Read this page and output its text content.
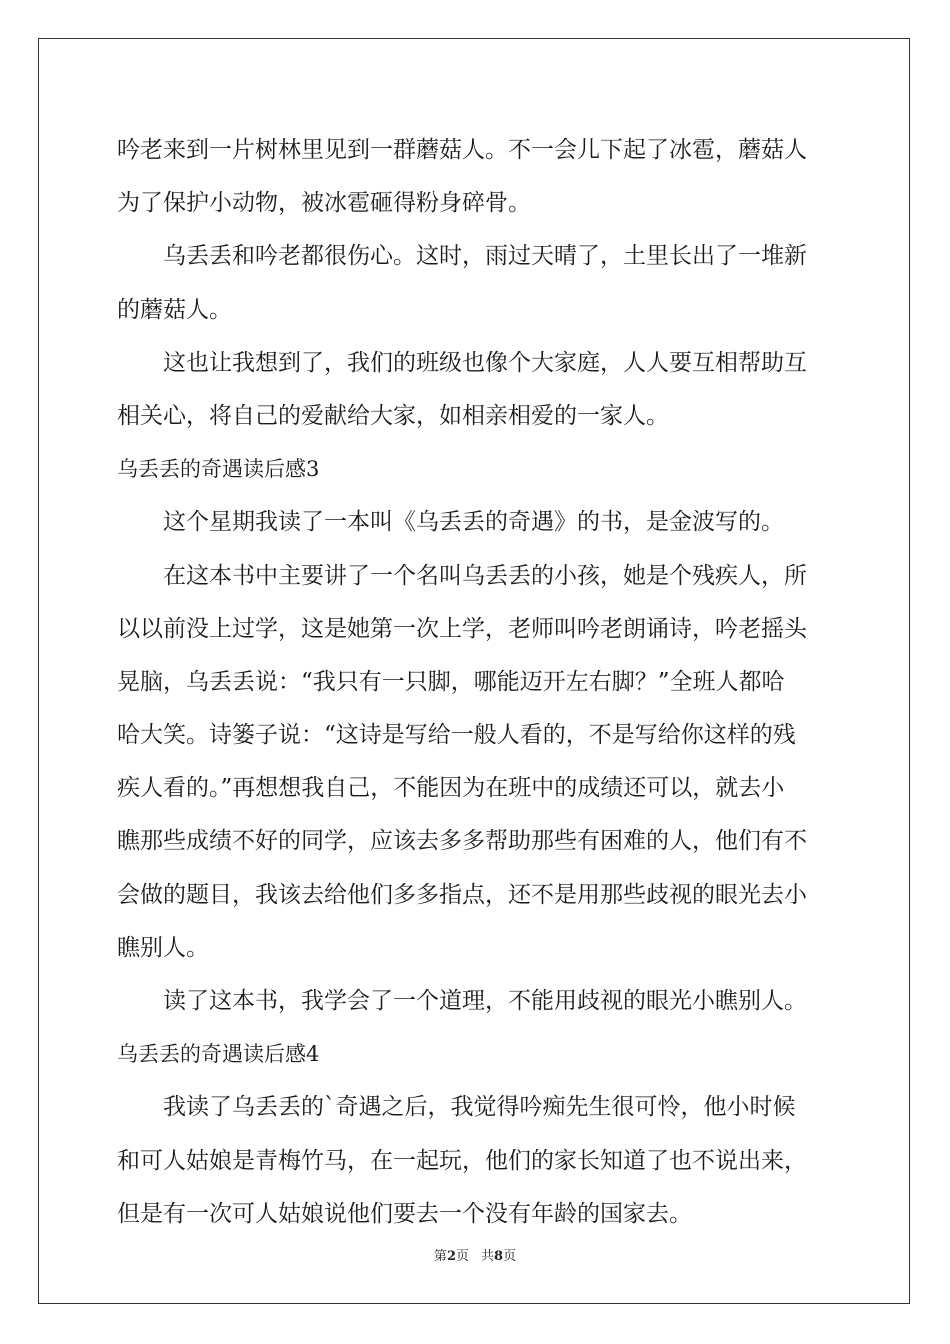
吟老来到一片树林里见到一群蘑菇人。不一会儿下起了冰雹，蘑菇人
为了保护小动物，被冰雹砸得粉身碎骨。
乌丢丢和吟老都很伤心。这时，雨过天晴了，土里长出了一堆新
的蘑菇人。
这也让我想到了，我们的班级也像个大家庭，人人要互相帮助互
相关心，将自己的爱献给大家，如相亲相爱的一家人。
乌丢丢的奇遇读后感3
这个星期我读了一本叫《乌丢丢的奇遇》的书，是金波写的。
在这本书中主要讲了一个名叫乌丢丢的小孩，她是个残疾人，所
以以前没上过学，这是她第一次上学，老师叫吟老朗诵诗，吟老摇头
晃脑，乌丢丢说：“我只有一只脚，哪能迈开左右脚？”全班人都哈
哈大笑。诗篓子说：“这诗是写给一般人看的，不是写给你这样的残
疾人看的。”再想想我自己，不能因为在班中的成绩还可以，就去小
瞧那些成绩不好的同学，应该去多多帮助那些有困难的人，他们有不
会做的题目，我该去给他们多多指点，还不是用那些歧视的眼光去小
瞧别人。
读了这本书，我学会了一个道理，不能用歧视的眼光小瞧别人。
乌丢丢的奇遇读后感4
我读了乌丢丢的`奇遇之后，我觉得吟痴先生很可怜，他小时候
和可人姑娘是青梅竹马，在一起玩，他们的家长知道了也不说出来，
但是有一次可人姑娘说他们要去一个没有年龄的国家去。
第2页 共8页
